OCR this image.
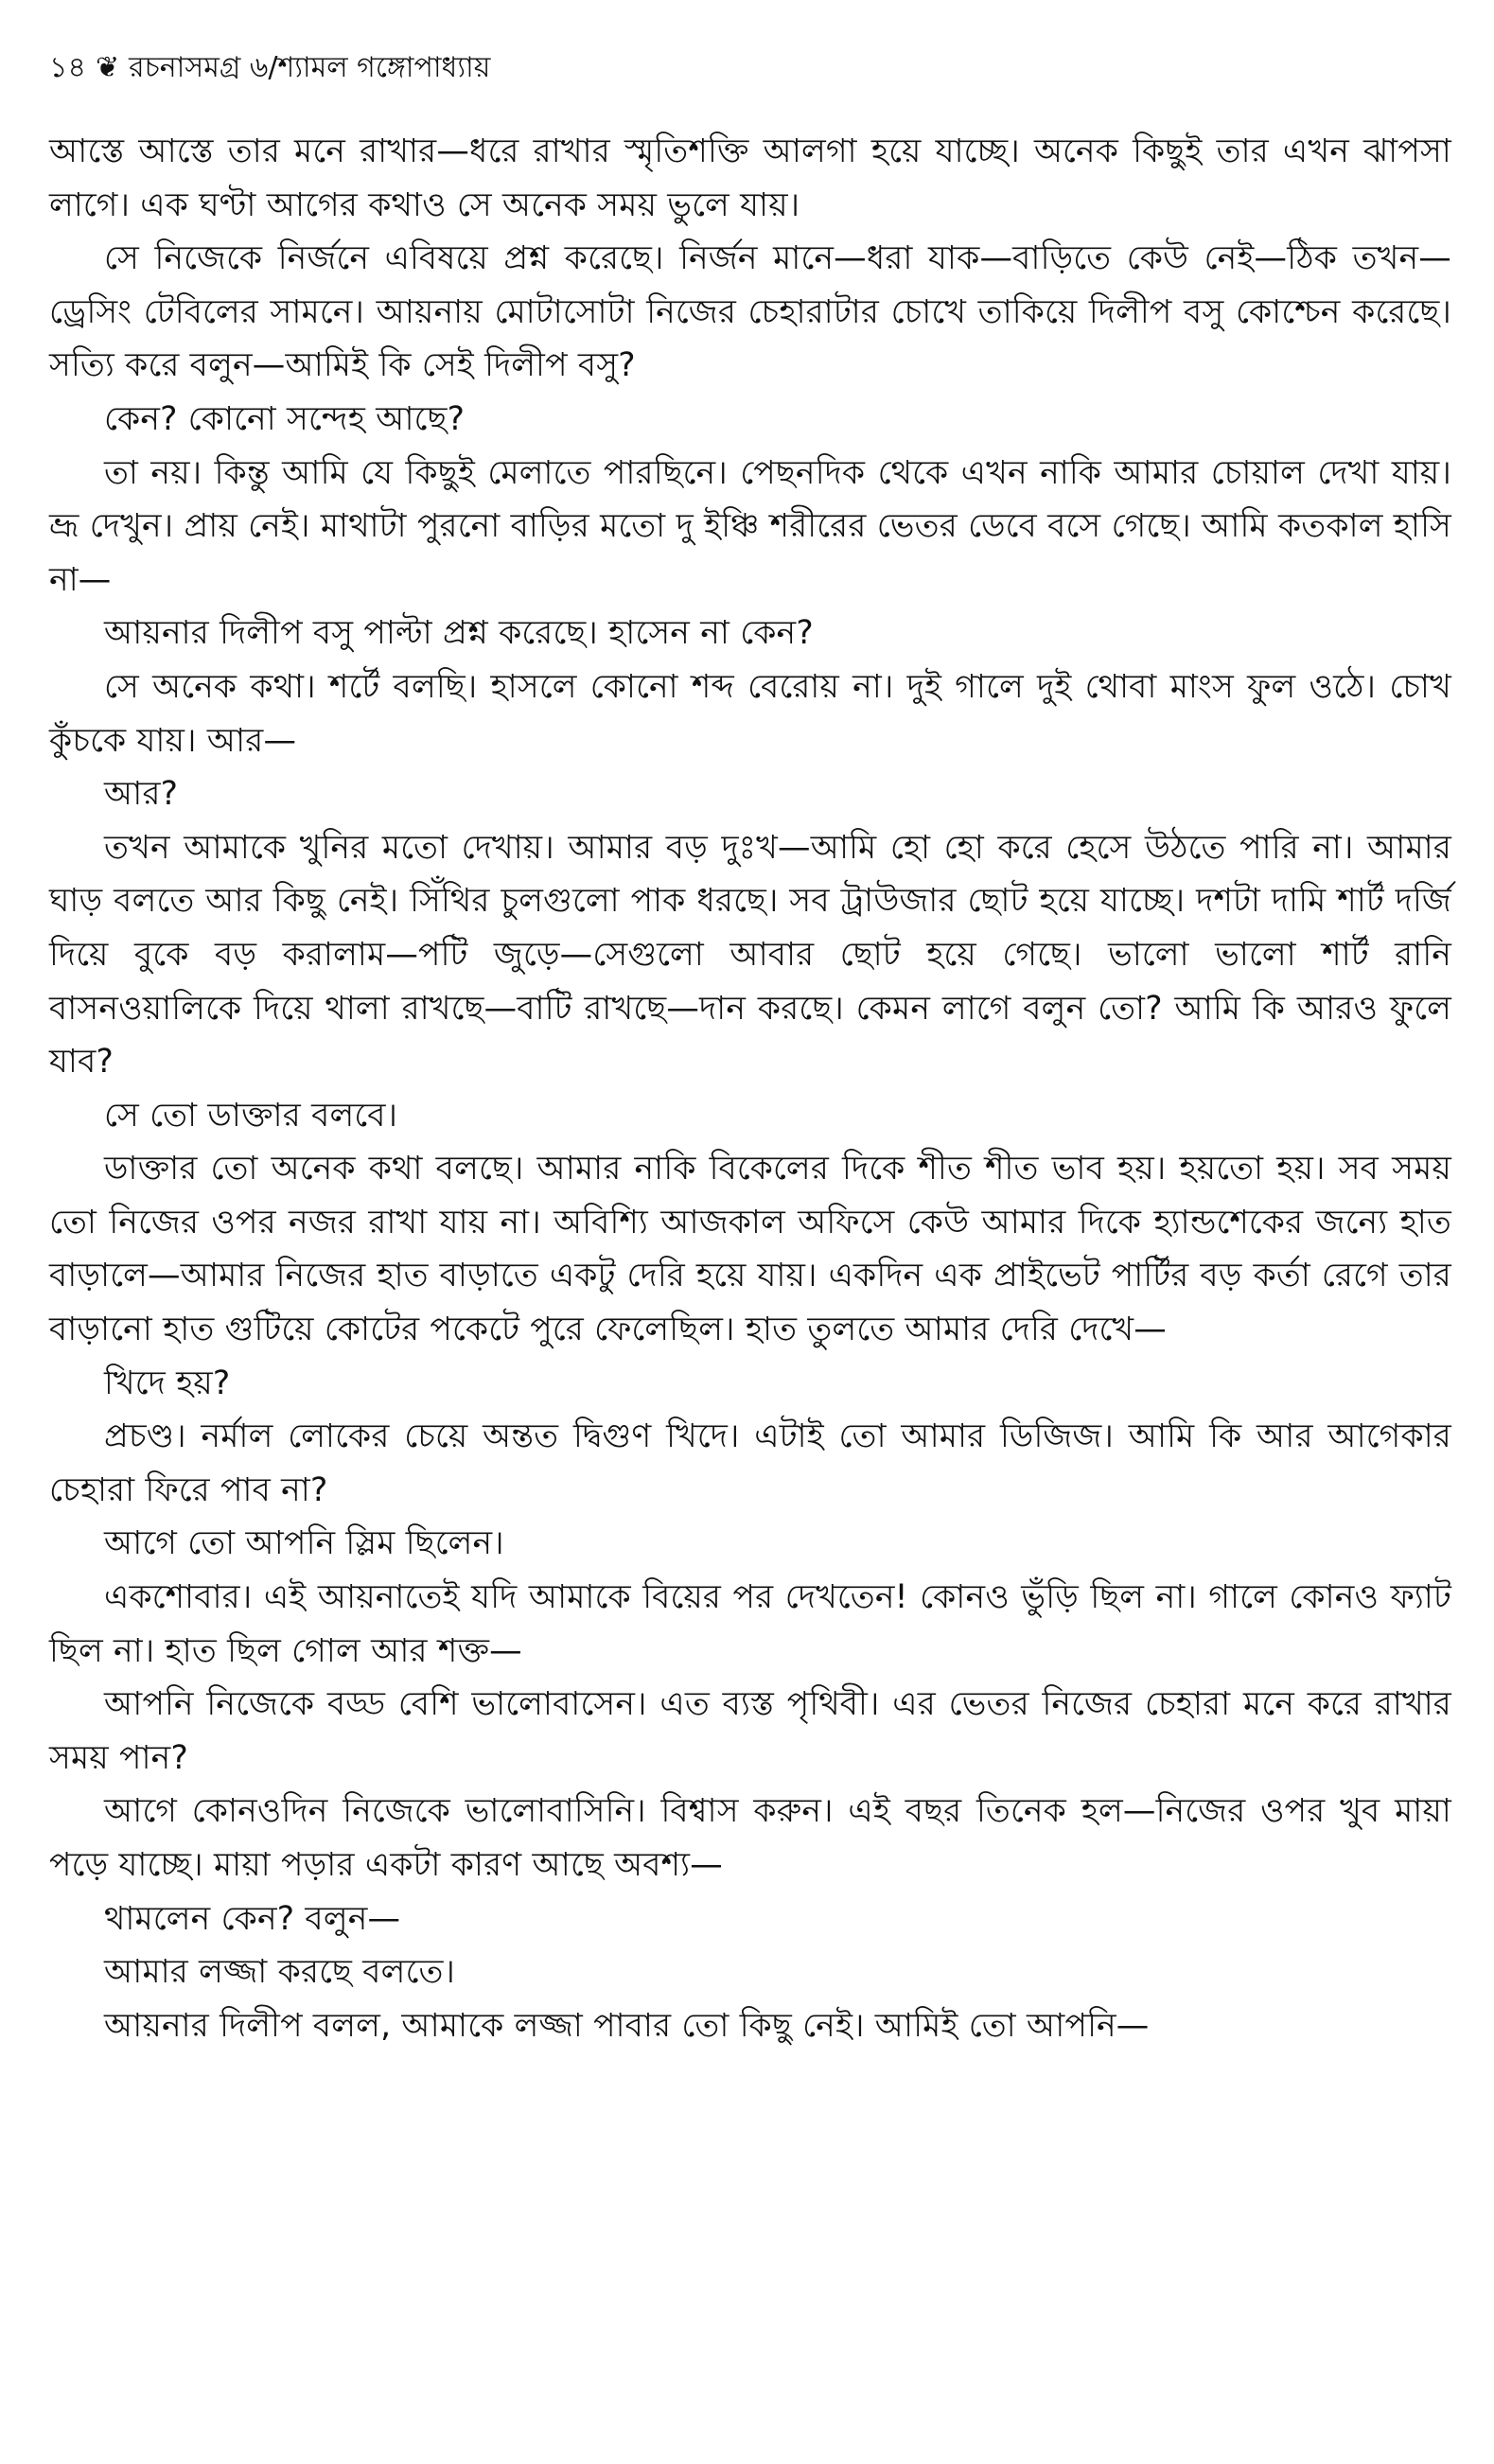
১৪ ❦ রচনাসমগ্র ৬/শ্যামল গঙ্গোপাধ্যায়

আস্তে আস্তে তার মনে রাখার—ধরে রাখার স্মৃতিশক্তি আলগা হয়ে যাচ্ছে। অনেক কিছুই তার এখন ঝাপসা লাগে। এক ঘণ্টা আগের কথাও সে অনেক সময় ভুলে যায়।

সে নিজেকে নির্জনে এবিষয়ে প্রশ্ন করেছে। নির্জন মানে—ধরা যাক—বাড়িতে কেউ নেই—ঠিক তখন—ড্রেসিং টেবিলের সামনে। আয়নায় মোটাসোটা নিজের চেহারাটার চোখে তাকিয়ে দিলীপ বসু কোশ্চেন করেছে। সত্যি করে বলুন—আমিই কি সেই দিলীপ বসু?

কেন? কোনো সন্দেহ আছে?

তা নয়। কিন্তু আমি যে কিছুই মেলাতে পারছিনে। পেছনদিক থেকে এখন নাকি আমার চোয়াল দেখা যায়। ভ্রূ দেখুন। প্রায় নেই। মাথাটা পুরনো বাড়ির মতো দু ইঞ্চি শরীরের ভেতর ডেবে বসে গেছে। আমি কতকাল হাসি না—

আয়নার দিলীপ বসু পাল্টা প্রশ্ন করেছে। হাসেন না কেন?

সে অনেক কথা। শর্টে বলছি। হাসলে কোনো শব্দ বেরোয় না। দুই গালে দুই থোবা মাংস ফুল ওঠে। চোখ কুঁচকে যায়। আর—

আর?

তখন আমাকে খুনির মতো দেখায়। আমার বড় দুঃখ—আমি হো হো করে হেসে উঠতে পারি না। আমার ঘাড় বলতে আর কিছু নেই। সিঁথির চুলগুলো পাক ধরছে। সব ট্রাউজার ছোট হয়ে যাচ্ছে। দশটা দামি শার্ট দর্জি দিয়ে বুকে বড় করালাম—পটি জুড়ে—সেগুলো আবার ছোট হয়ে গেছে। ভালো ভালো শার্ট রানি বাসনওয়ালিকে দিয়ে থালা রাখছে—বাটি রাখছে—দান করছে। কেমন লাগে বলুন তো? আমি কি আরও ফুলে যাব?

সে তো ডাক্তার বলবে।

ডাক্তার তো অনেক কথা বলছে। আমার নাকি বিকেলের দিকে শীত শীত ভাব হয়। হয়তো হয়। সব সময় তো নিজের ওপর নজর রাখা যায় না। অবিশ্যি আজকাল অফিসে কেউ আমার দিকে হ্যান্ডশেকের জন্যে হাত বাড়ালে—আমার নিজের হাত বাড়াতে একটু দেরি হয়ে যায়। একদিন এক প্রাইভেট পার্টির বড় কর্তা রেগে তার বাড়ানো হাত গুটিয়ে কোটের পকেটে পুরে ফেলেছিল। হাত তুলতে আমার দেরি দেখে—

খিদে হয়?

প্রচণ্ড। নর্মাল লোকের চেয়ে অন্তত দ্বিগুণ খিদে। এটাই তো আমার ডিজিজ। আমি কি আর আগেকার চেহারা ফিরে পাব না?

আগে তো আপনি স্লিম ছিলেন।

একশোবার। এই আয়নাতেই যদি আমাকে বিয়ের পর দেখতেন! কোনও ভুঁড়ি ছিল না। গালে কোনও ফ্যাট ছিল না। হাত ছিল গোল আর শক্ত—

আপনি নিজেকে বড্ড বেশি ভালোবাসেন। এত ব্যস্ত পৃথিবী। এর ভেতর নিজের চেহারা মনে করে রাখার সময় পান?

আগে কোনওদিন নিজেকে ভালোবাসিনি। বিশ্বাস করুন। এই বছর তিনেক হল—নিজের ওপর খুব মায়া পড়ে যাচ্ছে। মায়া পড়ার একটা কারণ আছে অবশ্য—

থামলেন কেন? বলুন—

আমার লজ্জা করছে বলতে।

আয়নার দিলীপ বলল, আমাকে লজ্জা পাবার তো কিছু নেই। আমিই তো আপনি—
